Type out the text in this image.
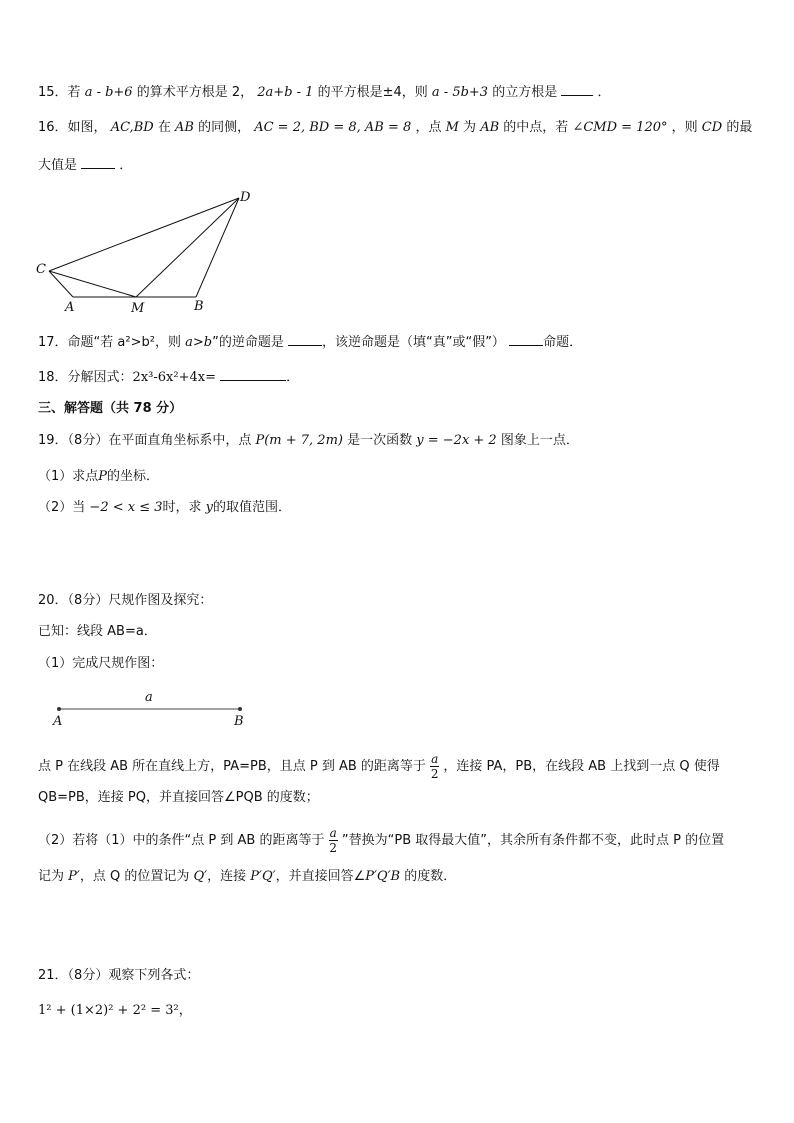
15．若 a - b+6 的算术平方根是 2， 2a+b - 1 的平方根是±4，则 a - 5b+3 的立方根是	．
16．如图， AC,BD 在 AB 的同侧， AC = 2, BD = 8, AB = 8 ，点 M 为 AB 的中点，若 ∠CMD = 120° ，则 CD 的最
大值是	．
C
D
A	M	B
17．命题“若 a²>b²，则 a>b”的逆命题是	，该逆命题是（填“真”或“假”）	命题．
18．分解因式：2x³-6x²+4x=	．
三、解答题（共 78 分）
19．（8分）在平面直角坐标系中，点 P(m + 7, 2m) 是一次函数 y = −2x + 2 图象上一点．
（1）求点P的坐标．
（2）当 −2 < x ≤ 3时，求 y的取值范围．
20．（8分）尺规作图及探究：
已知：线段 AB=a．
（1）完成尺规作图：
a
A	B
点 P 在线段 AB 所在直线上方，PA=PB，且点 P 到 AB 的距离等于 $\frac{a}{2}$ ，连接 PA，PB，在线段 AB 上找到一点 Q 使得
QB=PB，连接 PQ，并直接回答∠PQB 的度数；
（2）若将（1）中的条件“点 P 到 AB 的距离等于 $\frac{a}{2}$ ”替换为“PB 取得最大值”，其余所有条件都不变，此时点 P 的位置
记为 P′，点 Q 的位置记为 Q′，连接 P′Q′，并直接回答∠P′Q′B 的度数．
21．（8分）观察下列各式：
1² + (1×2)² + 2² = 3²，
